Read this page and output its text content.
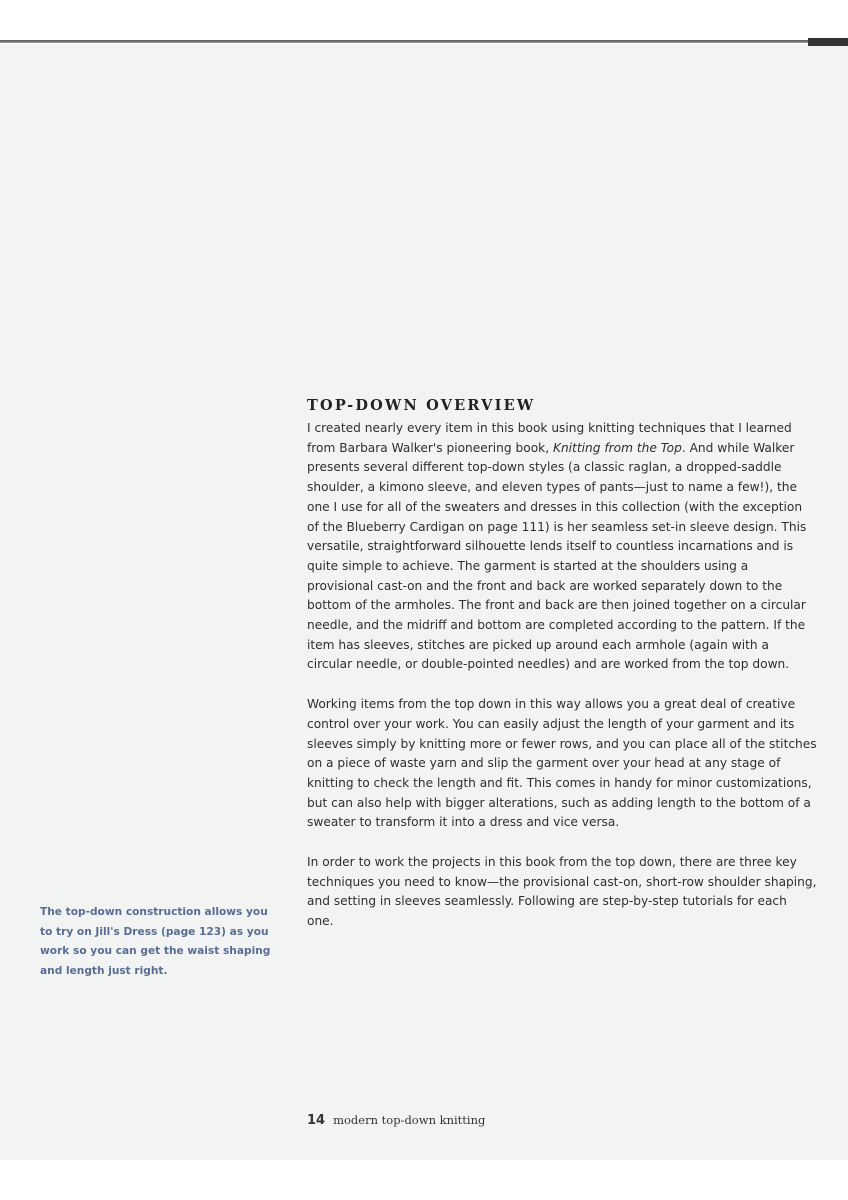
TOP-DOWN OVERVIEW

I created nearly every item in this book using knitting techniques that I learned from Barbara Walker's pioneering book, Knitting from the Top. And while Walker presents several different top-down styles (a classic raglan, a dropped-saddle shoulder, a kimono sleeve, and eleven types of pants—just to name a few!), the one I use for all of the sweaters and dresses in this collection (with the exception of the Blueberry Cardigan on page 111) is her seamless set-in sleeve design. This versatile, straightforward silhouette lends itself to countless incarnations and is quite simple to achieve. The garment is started at the shoulders using a provisional cast-on and the front and back are worked separately down to the bottom of the armholes. The front and back are then joined together on a circular needle, and the midriff and bottom are completed according to the pattern. If the item has sleeves, stitches are picked up around each armhole (again with a circular needle, or double-pointed needles) and are worked from the top down.

Working items from the top down in this way allows you a great deal of creative control over your work. You can easily adjust the length of your garment and its sleeves simply by knitting more or fewer rows, and you can place all of the stitches on a piece of waste yarn and slip the garment over your head at any stage of knitting to check the length and fit. This comes in handy for minor customizations, but can also help with bigger alterations, such as adding length to the bottom of a sweater to transform it into a dress and vice versa.

In order to work the projects in this book from the top down, there are three key techniques you need to know—the provisional cast-on, short-row shoulder shaping, and setting in sleeves seamlessly. Following are step-by-step tutorials for each one.

The top-down construction allows you to try on Jill's Dress (page 123) as you work so you can get the waist shaping and length just right.

14 modern top-down knitting
